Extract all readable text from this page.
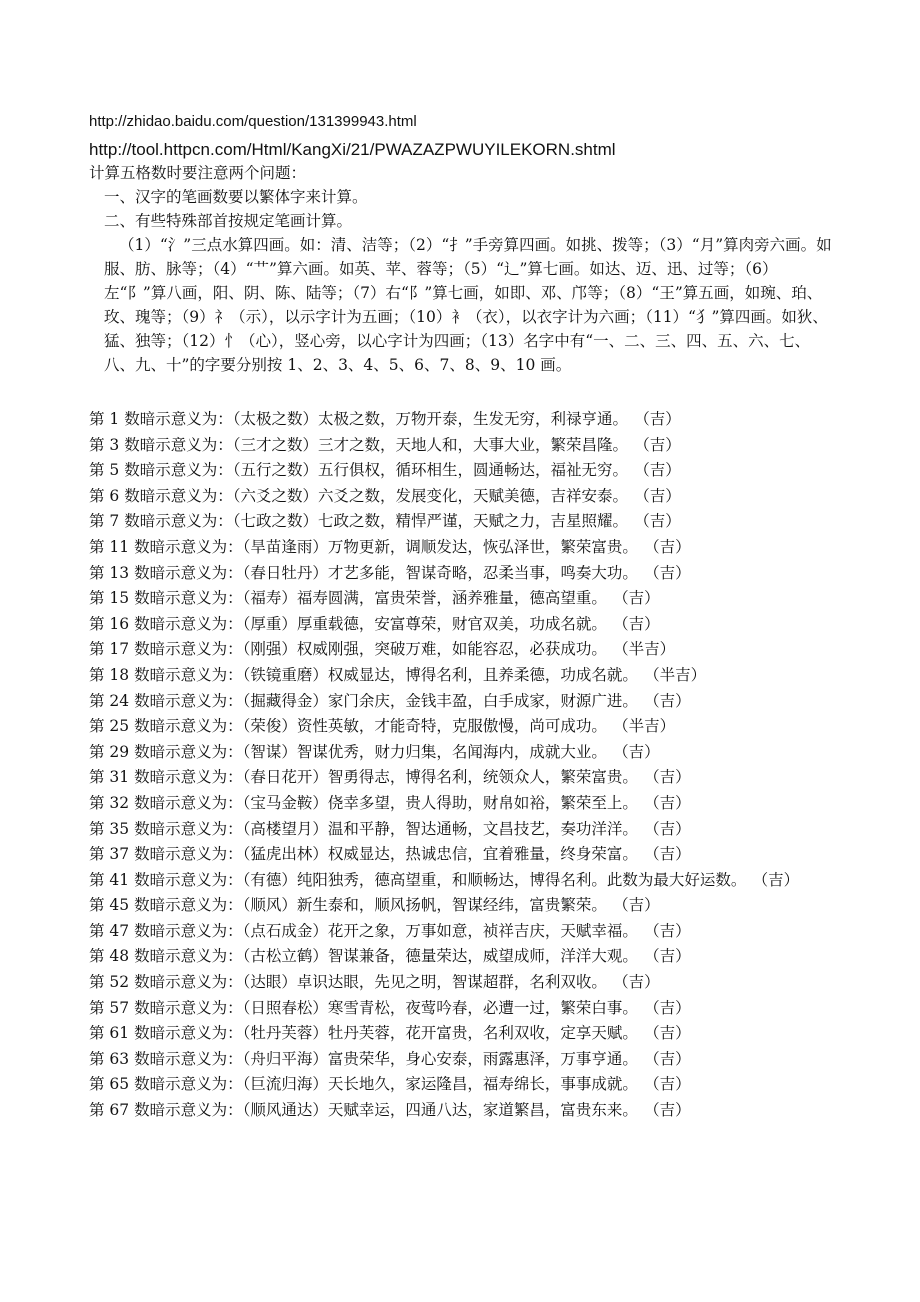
http://zhidao.baidu.com/question/131399943.html
http://tool.httpcn.com/Html/KangXi/21/PWAZAZPWUYILEKORN.shtml

计算五格数时要注意两个问题：

一、汉字的笔画数要以繁体字来计算。

二、有些特殊部首按规定笔画计算。

（1）“氵”三点水算四画。如：清、洁等；（2）“扌”手旁算四画。如挑、拨等；（3）“月”算肉旁六画。如服、肪、脉等；（4）“艹”算六画。如英、苹、蓉等；（5）“辶”算七画。如达、迈、迅、过等；（6）左“阝”算八画，阳、阴、陈、陆等；（7）右“阝”算七画，如即、邓、邝等；（8）“王”算五画，如琬、珀、玫、瑰等；（9）礻（示），以示字计为五画；（10）衤（衣），以衣字计为六画；（11）“犭”算四画。如狄、猛、独等；（12）忄（心），竖心旁，以心字计为四画；（13）名字中有“一、二、三、四、五、六、七、八、九、十”的字要分别按 1、2、3、4、5、6、7、8、9、10 画。

第 1 数暗示意义为：（太极之数）太极之数，万物开泰，生发无穷，利禄亨通。 （吉）

第 3 数暗示意义为：（三才之数）三才之数，天地人和，大事大业，繁荣昌隆。 （吉）

第 5 数暗示意义为：（五行之数）五行俱权，循环相生，圆通畅达，福祉无穷。 （吉）

第 6 数暗示意义为：（六爻之数）六爻之数，发展变化，天赋美德，吉祥安泰。 （吉）

第 7 数暗示意义为：（七政之数）七政之数，精悍严谨，天赋之力，吉星照耀。 （吉）

第 11 数暗示意义为：（旱苗逢雨）万物更新，调顺发达，恢弘泽世，繁荣富贵。 （吉）

第 13 数暗示意义为：（春日牡丹）才艺多能，智谋奇略，忍柔当事，鸣奏大功。 （吉）

第 15 数暗示意义为：（福寿）福寿圆满，富贵荣誉，涵养雅量，德高望重。 （吉）

第 16 数暗示意义为：（厚重）厚重载德，安富尊荣，财官双美，功成名就。 （吉）

第 17 数暗示意义为：（刚强）权威刚强，突破万难，如能容忍，必获成功。 （半吉）

第 18 数暗示意义为：（铁镜重磨）权威显达，博得名利，且养柔德，功成名就。 （半吉）

第 24 数暗示意义为：（掘藏得金）家门余庆，金钱丰盈，白手成家，财源广进。 （吉）

第 25 数暗示意义为：（荣俊）资性英敏，才能奇特，克服傲慢，尚可成功。 （半吉）

第 29 数暗示意义为：（智谋）智谋优秀，财力归集，名闻海内，成就大业。 （吉）

第 31 数暗示意义为：（春日花开）智勇得志，博得名利，统领众人，繁荣富贵。 （吉）

第 32 数暗示意义为：（宝马金鞍）侥幸多望，贵人得助，财帛如裕，繁荣至上。 （吉）

第 35 数暗示意义为：（高楼望月）温和平静，智达通畅，文昌技艺，奏功洋洋。 （吉）

第 37 数暗示意义为：（猛虎出林）权威显达，热诚忠信，宜着雅量，终身荣富。 （吉）

第 41 数暗示意义为：（有德）纯阳独秀，德高望重，和顺畅达，博得名利。此数为最大好运数。 （吉）

第 45 数暗示意义为：（顺风）新生泰和，顺风扬帆，智谋经纬，富贵繁荣。 （吉）

第 47 数暗示意义为：（点石成金）花开之象，万事如意，祯祥吉庆，天赋幸福。 （吉）

第 48 数暗示意义为：（古松立鹤）智谋兼备，德量荣达，威望成师，洋洋大观。 （吉）

第 52 数暗示意义为：（达眼）卓识达眼，先见之明，智谋超群，名利双收。 （吉）

第 57 数暗示意义为：（日照春松）寒雪青松，夜莺吟春，必遭一过，繁荣白事。 （吉）

第 61 数暗示意义为：（牡丹芙蓉）牡丹芙蓉，花开富贵，名利双收，定享天赋。 （吉）

第 63 数暗示意义为：（舟归平海）富贵荣华，身心安泰，雨露惠泽，万事亨通。 （吉）

第 65 数暗示意义为：（巨流归海）天长地久，家运隆昌，福寿绵长，事事成就。 （吉）

第 67 数暗示意义为：（顺风通达）天赋幸运，四通八达，家道繁昌，富贵东来。 （吉）
